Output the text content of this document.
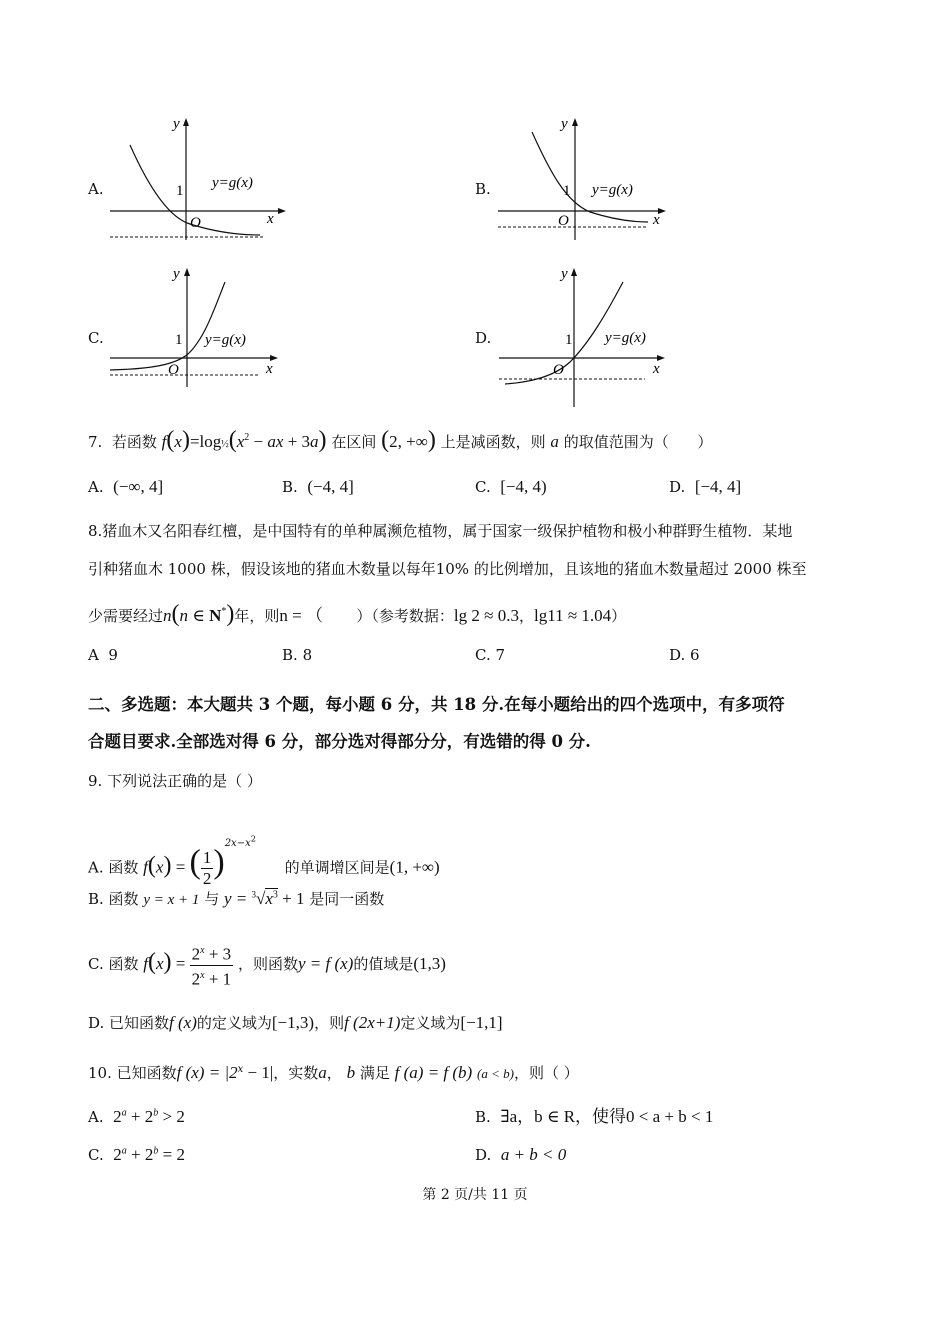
A.
y
1 y=g(x)
O	x
B.
y
1 y=g(x)
O	x
C.
y
1 y=g(x)
O	x
D.
y
1 y=g(x)
O	x
7. 若函数 $f(x)=\log\frac{1}{2}(x^2$ − ax + 3a) 在区间 (2, +∞) 上是减函数，则 a 的取值范围为（ ）
A. (−∞, 4]	B. (−4, 4]	C. [−4, 4)	D. [−4, 4]
8.猪血木又名阳春红檀，是中国特有的单种属濒危植物，属于国家一级保护植物和极小种群野生植物．某地
引种猪血木 1000 株，假设该地的猪血木数量以每年10% 的比例增加，且该地的猪血木数量超过 2000 株至
少需要经过n(n ∈ N*)年，则n = （ ）（参考数据：lg 2 ≈ 0.3，lg11 ≈ 1.04）
A 9	B. 8	C. 7	D. 6
二、多选题：本大题共 3 个题，每小题 6 分，共 18 分.在每小题给出的四个选项中，有多项符
合题目要求.全部选对得 6 分，部分选对得部分分，有选错的得 0 分.
9. 下列说法正确的是（ ）
A. 函数 f(x) = ( $\frac{1}{2} )^{2x-x^2}$      的单调增区间是(1, +∞)
B. 函数 y = x + 1 与 $y = ^3√x^3 + 1$ 是同一函数
C. 函数 $f(x) = \frac{2^x + 3}{2^x + 1}$ ，则函数y = f (x)的值域是(1,3)
D. 已知函数f (x)的定义域为[−1,3)，则f (2x+1)定义域为[−1,1]
10. 已知函数f $(x) = |2^x - 1|$，实数a， b 满足 f (a) = f (b) (a < b)，则（ ）
A. $2^a + 2^b > 2$	B. ∃a，b ∈ R，使得0 < a + b < 1
C. $2^a + 2^b = 2$	D. a + b < 0
第 2 页/共 11 页
